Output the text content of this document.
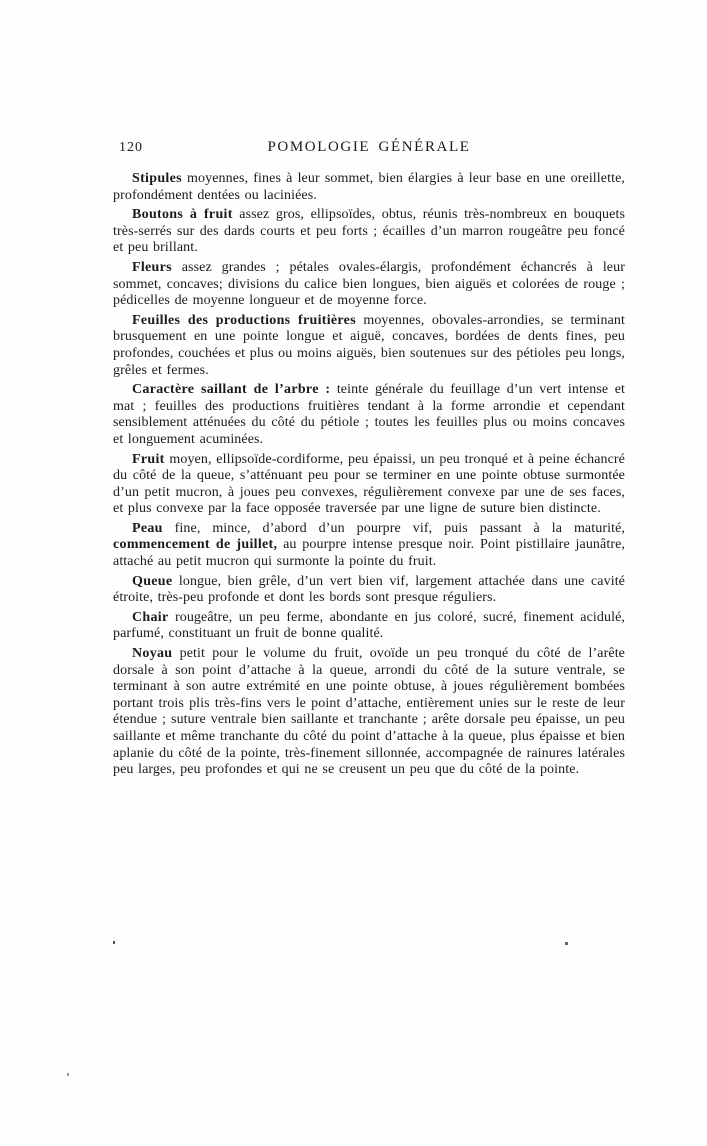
120	POMOLOGIE GÉNÉRALE

Stipules moyennes, fines à leur sommet, bien élargies à leur base en une oreillette, profondément dentées ou laciniées.

Boutons à fruit assez gros, ellipsoïdes, obtus, réunis très-nombreux en bouquets très-serrés sur des dards courts et peu forts ; écailles d’un marron rougeâtre peu foncé et peu brillant.

Fleurs assez grandes ; pétales ovales-élargis, profondément échancrés à leur sommet, concaves; divisions du calice bien longues, bien aiguës et colorées de rouge ; pédicelles de moyenne longueur et de moyenne force.

Feuilles des productions fruitières moyennes, obovales-arrondies, se terminant brusquement en une pointe longue et aiguë, concaves, bordées de dents fines, peu profondes, couchées et plus ou moins aiguës, bien soutenues sur des pétioles peu longs, grêles et fermes.

Caractère saillant de l’arbre : teinte générale du feuillage d’un vert intense et mat ; feuilles des productions fruitières tendant à la forme arrondie et cependant sensiblement atténuées du côté du pétiole ; toutes les feuilles plus ou moins concaves et longuement acuminées.

Fruit moyen, ellipsoïde-cordiforme, peu épaissi, un peu tronqué et à peine échancré du côté de la queue, s’atténuant peu pour se terminer en une pointe obtuse surmontée d’un petit mucron, à joues peu convexes, régulièrement convexe par une de ses faces, et plus convexe par la face opposée traversée par une ligne de suture bien distincte.

Peau fine, mince, d’abord d’un pourpre vif, puis passant à la maturité, commencement de juillet, au pourpre intense presque noir. Point pistillaire jaunâtre, attaché au petit mucron qui surmonte la pointe du fruit.

Queue longue, bien grêle, d’un vert bien vif, largement attachée dans une cavité étroite, très-peu profonde et dont les bords sont presque réguliers.

Chair rougeâtre, un peu ferme, abondante en jus coloré, sucré, finement acidulé, parfumé, constituant un fruit de bonne qualité.

Noyau petit pour le volume du fruit, ovoïde un peu tronqué du côté de l’arête dorsale à son point d’attache à la queue, arrondi du côté de la suture ventrale, se terminant à son autre extrémité en une pointe obtuse, à joues régulièrement bombées portant trois plis très-fins vers le point d’attache, entièrement unies sur le reste de leur étendue ; suture ventrale bien saillante et tranchante ; arête dorsale peu épaisse, un peu saillante et même tranchante du côté du point d’attache à la queue, plus épaisse et bien aplanie du côté de la pointe, très-finement sillonnée, accompagnée de rainures latérales peu larges, peu profondes et qui ne se creusent un peu que du côté de la pointe.
